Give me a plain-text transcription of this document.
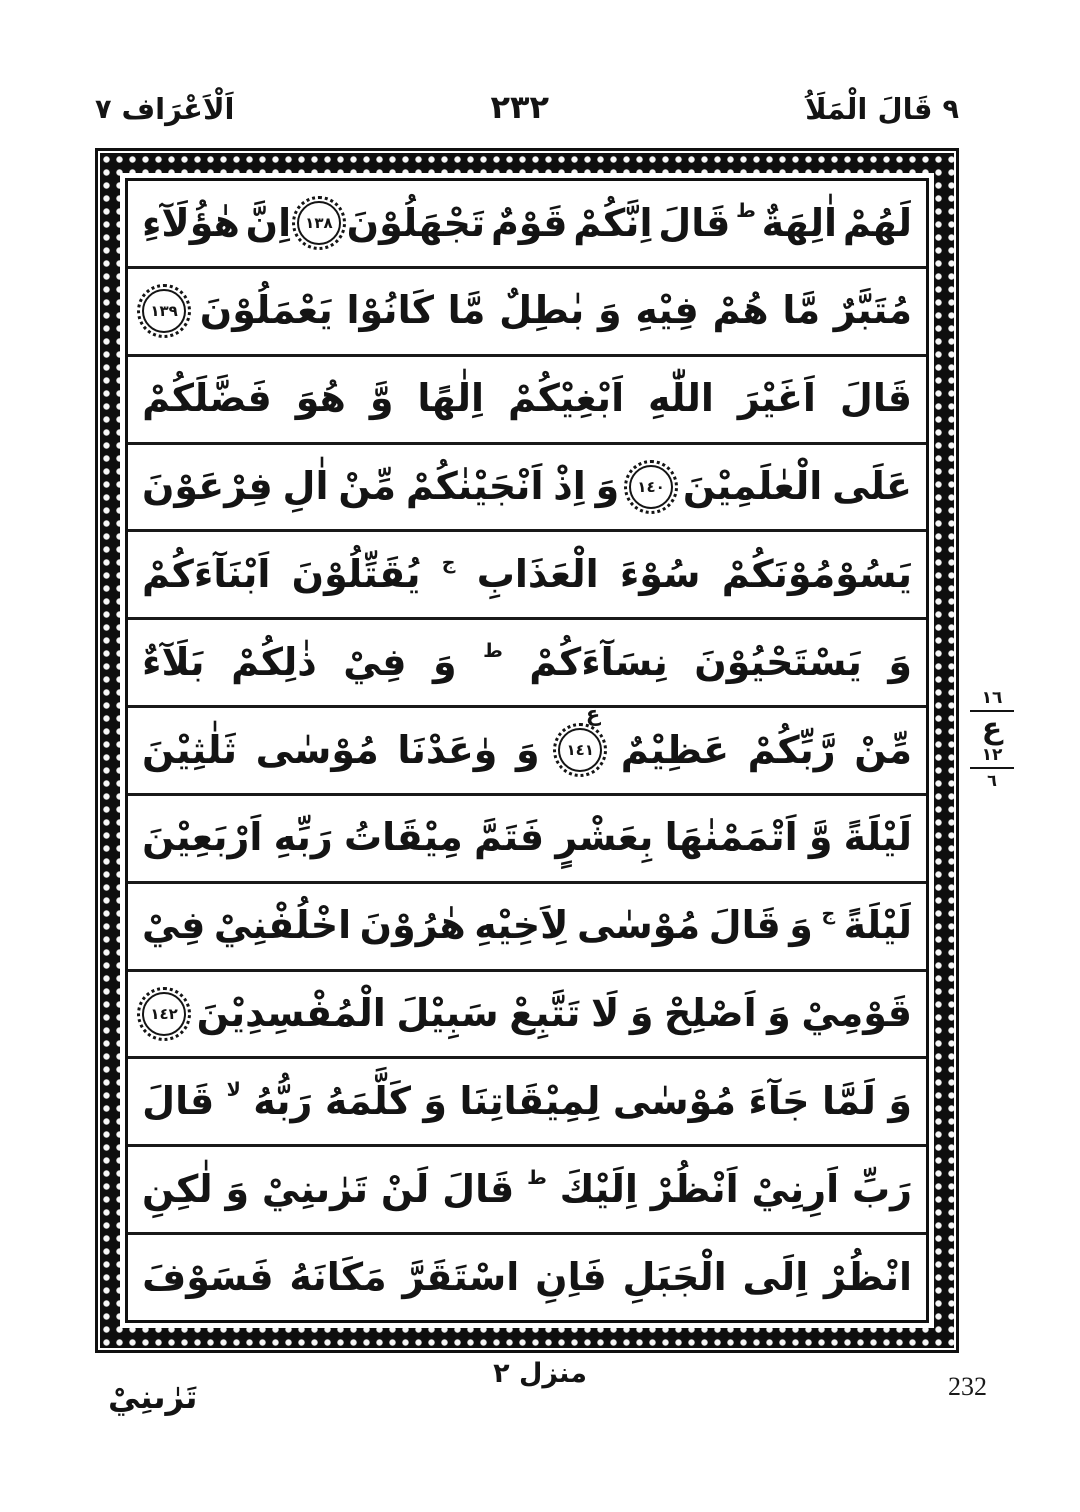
٧ اَلْاَعْرَاف	٢٣٢	قَالَ الْمَلَاُ ٩
لَهُمْ
اٰلِهَةٌ
ط
قَالَ
اِنَّكُمْ
قَوْمٌ
تَجْهَلُوْنَ
١٣٨
اِنَّ
هٰؤُلَآءِ
مُتَبَّرٌ
مَّا
هُمْ
فِيْهِ
وَ
بٰطِلٌ
مَّا
كَانُوْا
يَعْمَلُوْنَ
١٣٩
قَالَ
اَغَيْرَ
اللّٰهِ
اَبْغِيْكُمْ
اِلٰهًا
وَّ
هُوَ
فَضَّلَكُمْ
عَلَى
الْعٰلَمِيْنَ
١٤٠
وَ
اِذْ
اَنْجَيْنٰكُمْ
مِّنْ
اٰلِ
فِرْعَوْنَ
يَسُوْمُوْنَكُمْ
سُوْءَ
الْعَذَابِ
ج
يُقَتِّلُوْنَ
اَبْنَآءَكُمْ
وَ
يَسْتَحْيُوْنَ
نِسَآءَكُمْ
ط
وَ
فِيْ
ذٰلِكُمْ
بَلَآءٌ
مِّنْ
رَّبِّكُمْ
عَظِيْمٌ
ع
١٤١
وَ
وٰعَدْنَا
مُوْسٰى
ثَلٰثِيْنَ
لَيْلَةً
وَّ
اَتْمَمْنٰهَا
بِعَشْرٍ
فَتَمَّ
مِيْقَاتُ
رَبِّهِ
اَرْبَعِيْنَ
لَيْلَةً
ج
وَ
قَالَ
مُوْسٰى
لِاَخِيْهِ
هٰرُوْنَ
اخْلُفْنِيْ
فِيْ
قَوْمِيْ
وَ
اَصْلِحْ
وَ
لَا
تَتَّبِعْ
سَبِيْلَ
الْمُفْسِدِيْنَ
١٤٢
وَ
لَمَّا
جَآءَ
مُوْسٰى
لِمِيْقَاتِنَا
وَ
كَلَّمَهُ
رَبُّهُ
لا
قَالَ
رَبِّ
اَرِنِيْ
اَنْظُرْ
اِلَيْكَ
ط
قَالَ
لَنْ
تَرٰىنِيْ
وَ
لٰكِنِ
انْظُرْ
اِلَى
الْجَبَلِ
فَاِنِ
اسْتَقَرَّ
مَكَانَهُ
فَسَوْفَ
١٦
ع
١٢
٦
تَرٰىنِيْ
منزل ٢	232
